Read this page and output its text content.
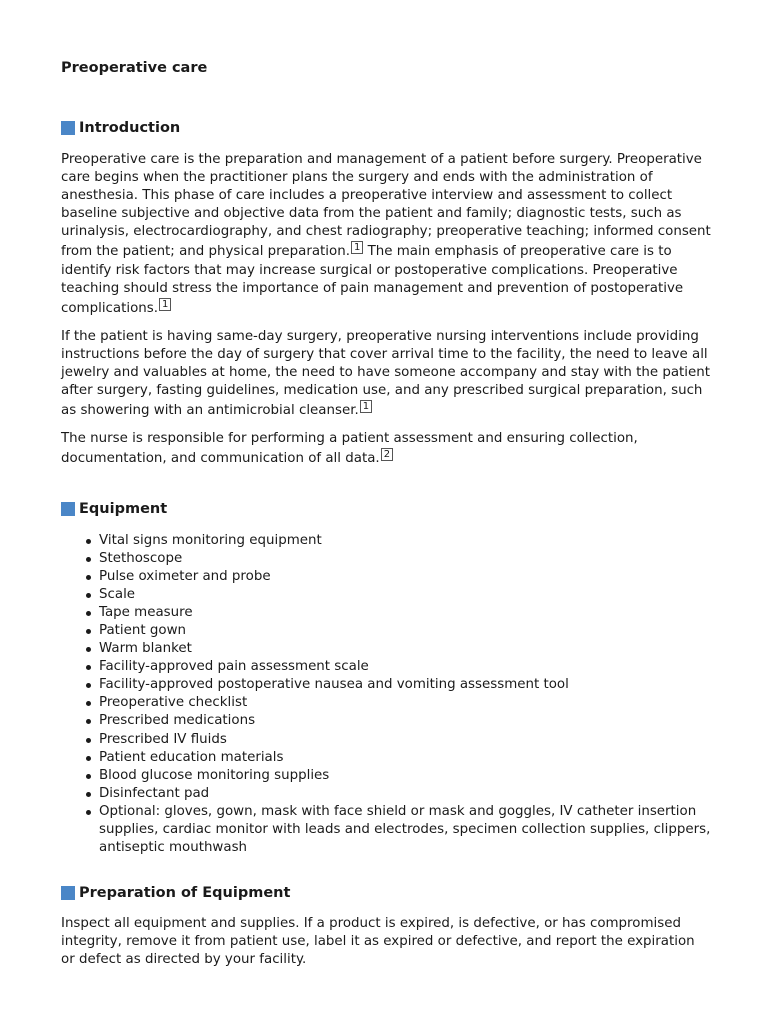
Preoperative care
Introduction

Preoperative care is the preparation and management of a patient before surgery. Preoperative care begins when the practitioner plans the surgery and ends with the administration of anesthesia. This phase of care includes a preoperative interview and assessment to collect baseline subjective and objective data from the patient and family; diagnostic tests, such as urinalysis, electrocardiography, and chest radiography; preoperative teaching; informed consent from the patient; and physical preparation. 1 The main emphasis of preoperative care is to identify risk factors that may increase surgical or postoperative complications. Preoperative teaching should stress the importance of pain management and prevention of postoperative complications. 1

If the patient is having same-day surgery, preoperative nursing interventions include providing instructions before the day of surgery that cover arrival time to the facility, the need to leave all jewelry and valuables at home, the need to have someone accompany and stay with the patient after surgery, fasting guidelines, medication use, and any prescribed surgical preparation, such as showering with an antimicrobial cleanser. 1

The nurse is responsible for performing a patient assessment and ensuring collection, documentation, and communication of all data. 2

Equipment
Vital signs monitoring equipment
Stethoscope
Pulse oximeter and probe
Scale
Tape measure
Patient gown
Warm blanket
Facility-approved pain assessment scale
Facility-approved postoperative nausea and vomiting assessment tool
Preoperative checklist
Prescribed medications
Prescribed IV fluids
Patient education materials
Blood glucose monitoring supplies
Disinfectant pad
Optional: gloves, gown, mask with face shield or mask and goggles, IV catheter insertion supplies, cardiac monitor with leads and electrodes, specimen collection supplies, clippers, antiseptic mouthwash
Preparation of Equipment

Inspect all equipment and supplies. If a product is expired, is defective, or has compromised integrity, remove it from patient use, label it as expired or defective, and report the expiration or defect as directed by your facility.
